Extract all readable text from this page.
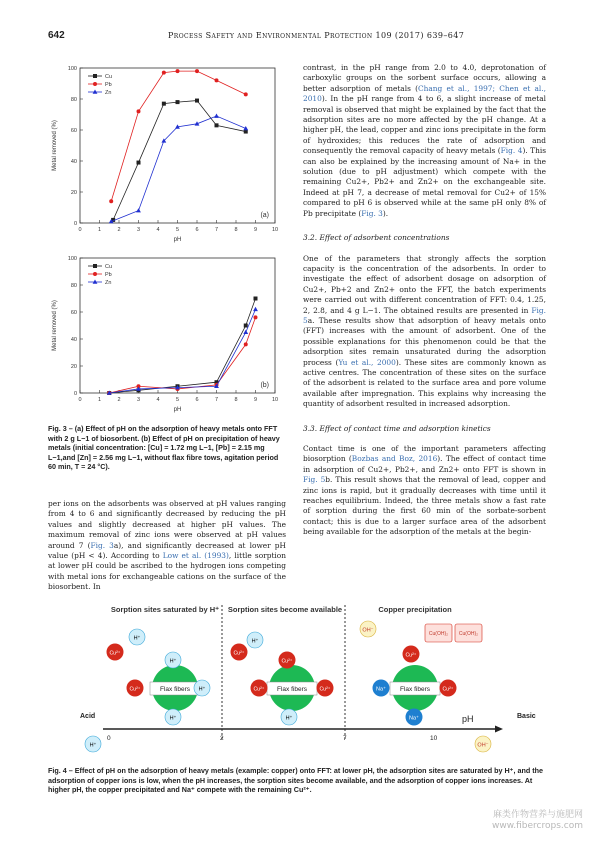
642	Process Safety and Environmental Protection 109 (2017) 639–647
0	1	2	3	4	5	6	7	8	9	10
0
20
40
60
80
100
pH
Metal removed (%)
(a)
Cu
Pb
Zn
0	1	2	3	4	5	6	7	8	9	10
0
20
40
60
80
100
pH
Metal removed (%)
(b)
Cu
Pb
Zn
Fig. 3 – (a) Effect of pH on the adsorption of heavy metals onto FFT with 2 g L−1 of biosorbent. (b) Effect of pH on precipitation of heavy metals (initial concentration: [Cu] = 1.72 mg L−1, [Pb] = 2.15 mg L−1,and [Zn] = 2.56 mg L−1, without flax fibre tows, agitation period 60 min, T = 24 °C).

per ions on the adsorbents was observed at pH values ranging from 4 to 6 and significantly decreased by reducing the pH values and slightly decreased at higher pH values. The maximum removal of zinc ions were observed at pH values around 7 (Fig. 3a), and significantly decreased at lower pH value (pH < 4). According to Low et al. (1993), little sorption at lower pH could be ascribed to the hydrogen ions competing with metal ions for exchangeable cations on the surface of the biosorbent. In

contrast, in the pH range from 2.0 to 4.0, deprotonation of carboxylic groups on the sorbent surface occurs, allowing a better adsorption of metals (Chang et al., 1997; Chen et al., 2010). In the pH range from 4 to 6, a slight increase of metal removal is observed that might be explained by the fact that the adsorption sites are no more affected by the pH change. At a higher pH, the lead, copper and zinc ions precipitate in the form of hydroxides; this reduces the rate of adsorption and consequently the removal capacity of heavy metals (Fig. 4). This can also be explained by the increasing amount of Na+ in the solution (due to pH adjustment) which compete with the remaining Cu2+, Pb2+ and Zn2+ on the exchangeable site. Indeed at pH 7, a decrease of metal removal for Cu2+ of 15% compared to pH 6 is observed while at the same pH only 8% of Pb precipitate (Fig. 3).

3.2. Effect of adsorbent concentrations

One of the parameters that strongly affects the sorption capacity is the concentration of the adsorbents. In order to investigate the effect of adsorbent dosage on adsorption of Cu2+, Pb+2 and Zn2+ onto the FFT, the batch experiments were carried out with different concentration of FFT: 0.4, 1.25, 2, 2.8, and 4 g L−1. The obtained results are presented in Fig. 5a. These results show that adsorption of heavy metals onto (FFT) increases with the amount of adsorbent. One of the possible explanations for this phenomenon could be that the adsorption sites remain unsaturated during the adsorption process (Yu et al., 2000). These sites are commonly known as active centres. The concentration of these sites on the surface of the adsorbent is related to the surface area and pore volume available after impregnation. This explains why increasing the quantity of adsorbent resulted in increased adsorption.

3.3. Effect of contact time and adsorption kinetics

Contact time is one of the important parameters affecting biosorption (Bozbas and Boz, 2016). The effect of contact time in adsorption of Cu2+, Pb2+, and Zn2+ onto FFT is shown in Fig. 5b. This result shows that the removal of lead, copper and zinc ions is rapid, but it gradually decreases with time until it reaches equilibrium. Indeed, the three metals show a fast rate of sorption during the first 60 min of the sorbate-sorbent contact; this is due to a larger surface area of the adsorbent being available for the adsorption of the metals at the begin-

Sorption sites saturated by H⁺ Sorption sites become available	Copper precipitation
Flax fibers
H⁺
H⁺
H⁺
Cu²⁺
Cu²⁺
H⁺
Flax fibers
H⁺
Cu²⁺
Cu²⁺
Cu²⁺	Cu²⁺
H⁺
Flax fibers
OH⁻
Cu²⁺
Na⁺	Cu²⁺
Na⁺
Cu(OH)₂ Cu(OH)₂
Acid	Basic
pH
0	2	7	10
H⁺	OH⁻
Fig. 4 – Effect of pH on the adsorption of heavy metals (example: copper) onto FFT: at lower pH, the adsorption sites are saturated by H⁺, and the adsorption of copper ions is low, when the pH increases, the sorption sites become available, and the adsorption of copper ions increases. At higher pH, the copper precipitated and Na⁺ compete with the remaining Cu²⁺.
麻类作物营养与施肥网
www.fibercrops.com
